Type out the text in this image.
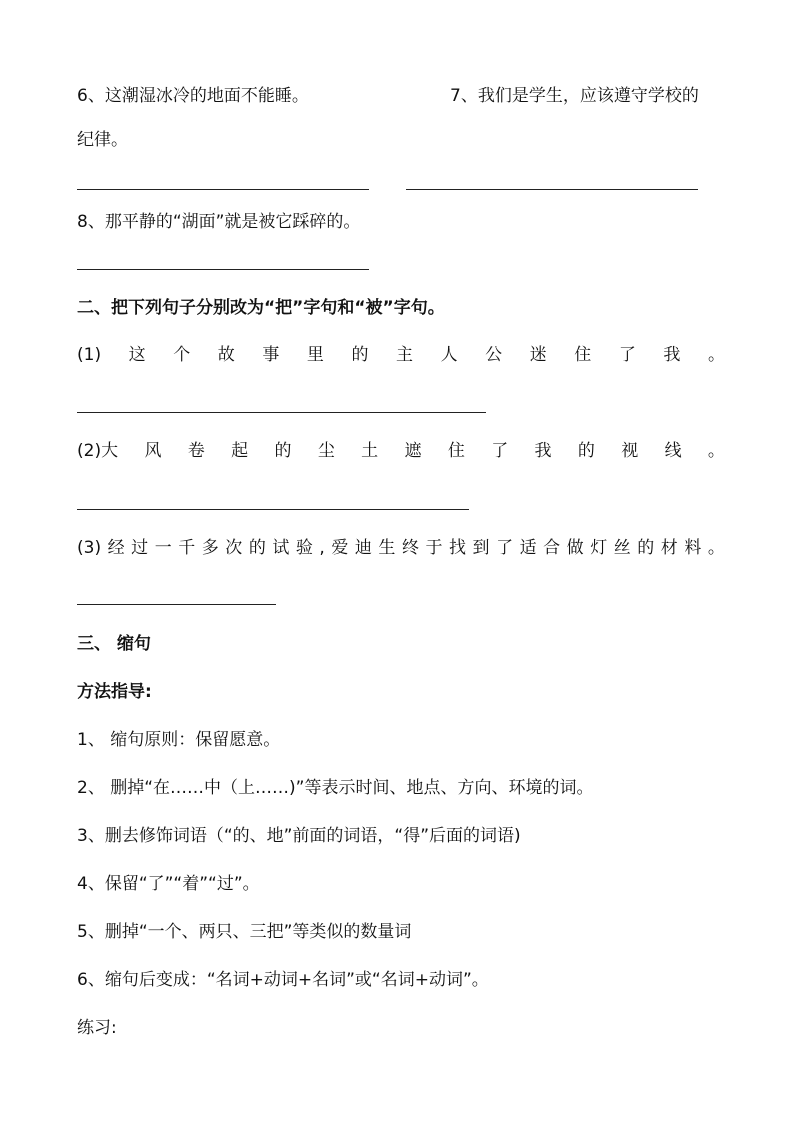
6、这潮湿冰冷的地面不能睡。	7、我们是学生，应该遵守学校的
纪律。
8、那平静的“湖面”就是被它踩碎的。
二、把下列句子分别改为“把”字句和“被”字句。
(1) 这 个 故 事 里 的 主 人 公 迷 住 了 我 。
(2)大 风 卷 起 的 尘 土 遮 住 了 我 的 视 线 。
(3) 经 过 一 千 多 次 的 试 验 , 爱 迪 生 终 于 找 到 了 适 合 做 灯 丝 的 材 料 。
三、 缩句
方法指导:
1、 缩句原则：保留愿意。
2、 删掉“在……中（上……)”等表示时间、地点、方向、环境的词。
3、删去修饰词语（“的、地”前面的词语，“得”后面的词语)
4、保留“了”“着”“过”。
5、删掉“一个、两只、三把”等类似的数量词
6、缩句后变成：“名词+动词+名词”或“名词+动词”。
练习:
